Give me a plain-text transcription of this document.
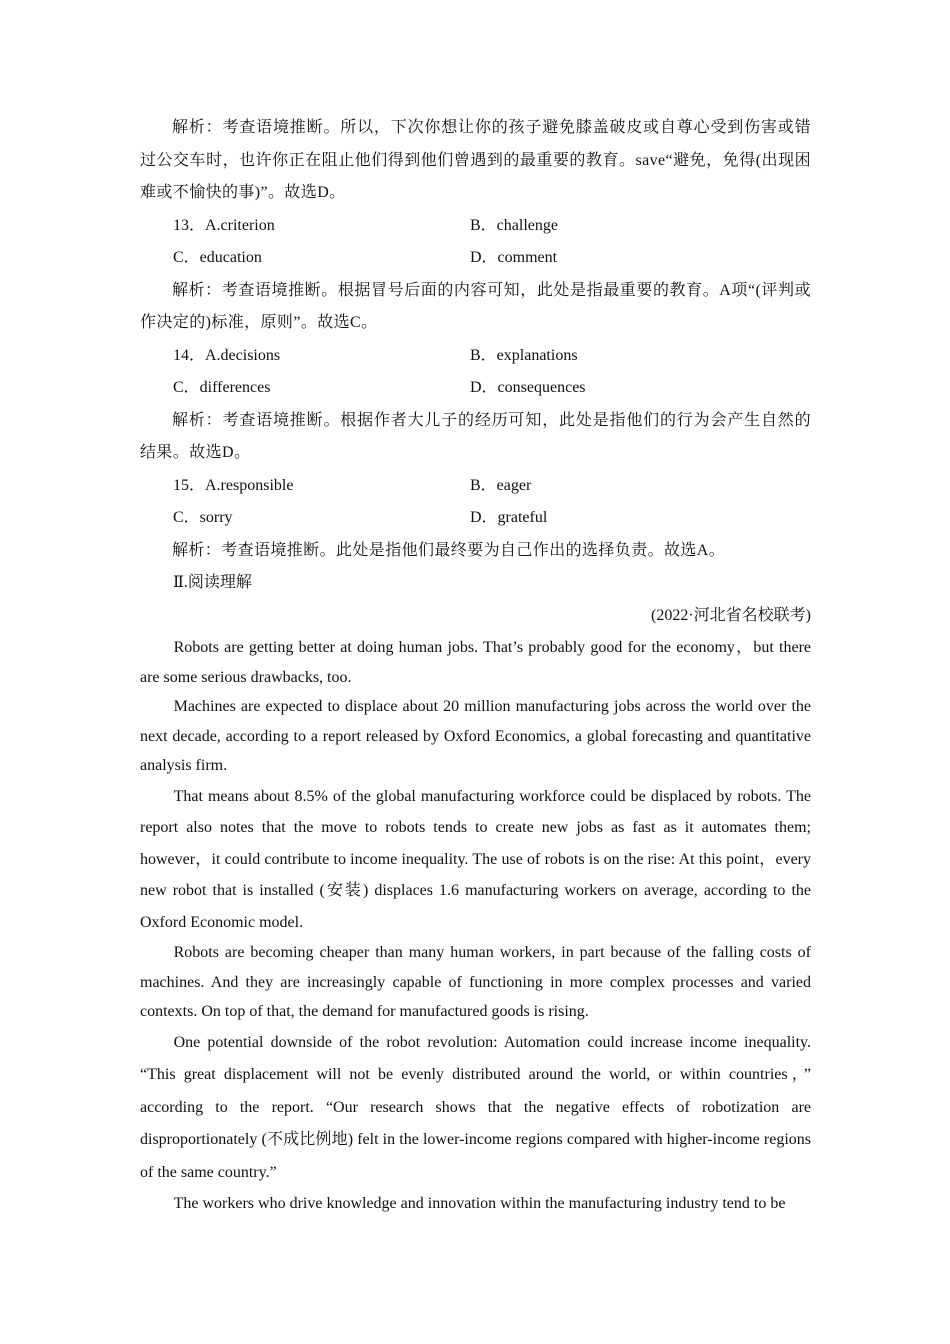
解析：考查语境推断。所以，下次你想让你的孩子避免膝盖破皮或自尊心受到伤害或错过公交车时，也许你正在阻止他们得到他们曾遇到的最重要的教育。save“避免，免得(出现困难或不愉快的事)”。故选D。

13．A.criterion	B．challenge
C．education	D．comment

解析：考查语境推断。根据冒号后面的内容可知，此处是指最重要的教育。A项“(评判或作决定的)标准，原则”。故选C。

14．A.decisions	B．explanations
C．differences	D．consequences

解析：考查语境推断。根据作者大儿子的经历可知，此处是指他们的行为会产生自然的结果。故选D。

15．A.responsible	B．eager
C．sorry	D．grateful

解析：考查语境推断。此处是指他们最终要为自己作出的选择负责。故选A。

Ⅱ.阅读理解

(2022·河北省名校联考)

Robots are getting better at doing human jobs. That’s probably good for the economy，but there are some serious drawbacks, too.

Machines are expected to displace about 20 million manufacturing jobs across the world over the next decade, according to a report released by Oxford Economics, a global forecasting and quantitative analysis firm.

That means about 8.5% of the global manufacturing workforce could be displaced by robots. The report also notes that the move to robots tends to create new jobs as fast as it automates them; however，it could contribute to income inequality. The use of robots is on the rise: At this point，every new robot that is installed (安装) displaces 1.6 manufacturing workers on average, according to the Oxford Economic model.

Robots are becoming cheaper than many human workers, in part because of the falling costs of machines. And they are increasingly capable of functioning in more complex processes and varied contexts. On top of that, the demand for manufactured goods is rising.

One potential downside of the robot revolution: Automation could increase income inequality. “This great displacement will not be evenly distributed around the world, or within countries，” according to the report. “Our research shows that the negative effects of robotization are disproportionately (不成比例地) felt in the lower-income regions compared with higher-income regions of the same country.”

The workers who drive knowledge and innovation within the manufacturing industry tend to be
